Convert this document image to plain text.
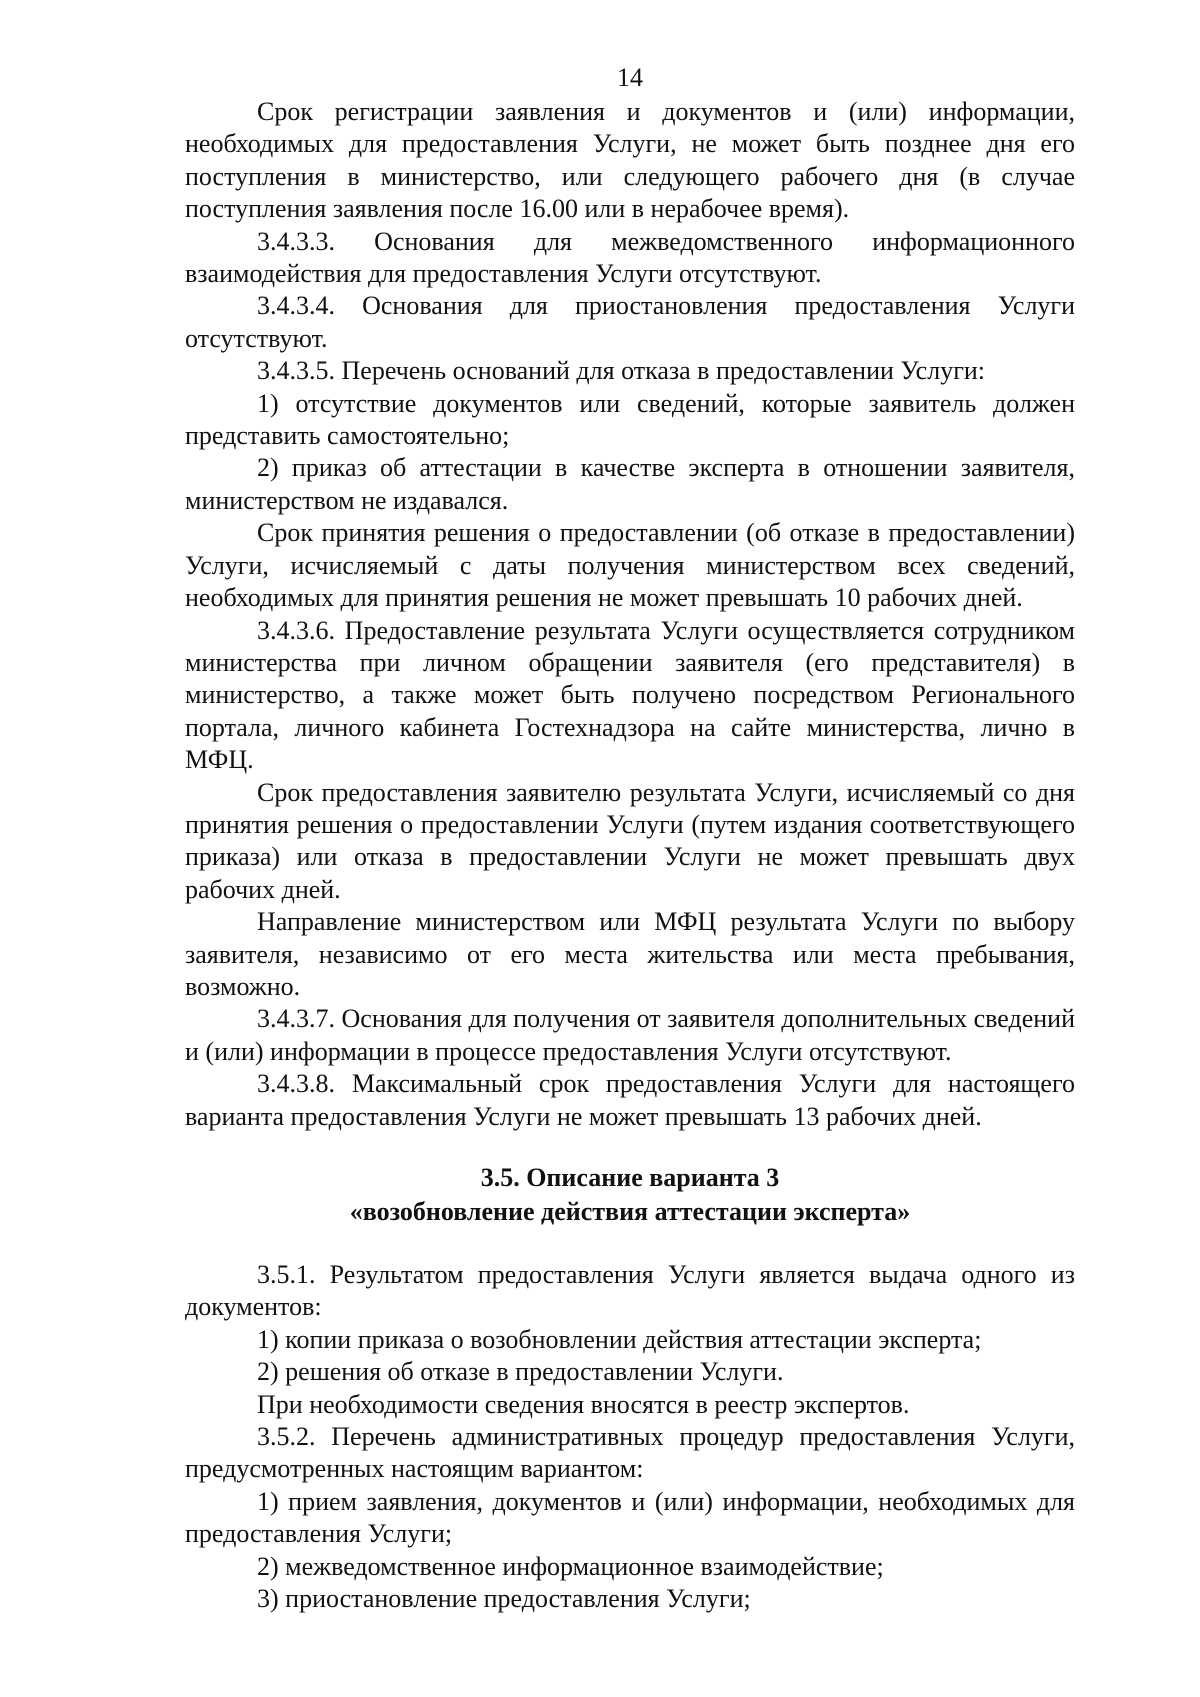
14

Срок регистрации заявления и документов и (или) информации, необходимых для предоставления Услуги, не может быть позднее дня его поступления в министерство, или следующего рабочего дня (в случае поступления заявления после 16.00 или в нерабочее время).

3.4.3.3. Основания для межведомственного информационного взаимодействия для предоставления Услуги отсутствуют.

3.4.3.4. Основания для приостановления предоставления Услуги отсутствуют.

3.4.3.5. Перечень оснований для отказа в предоставлении Услуги:

1) отсутствие документов или сведений, которые заявитель должен представить самостоятельно;

2) приказ об аттестации в качестве эксперта в отношении заявителя, министерством не издавался.

Срок принятия решения о предоставлении (об отказе в предоставлении) Услуги, исчисляемый с даты получения министерством всех сведений, необходимых для принятия решения не может превышать 10 рабочих дней.

3.4.3.6. Предоставление результата Услуги осуществляется сотрудником министерства при личном обращении заявителя (его представителя) в министерство, а также может быть получено посредством Регионального портала, личного кабинета Гостехнадзора на сайте министерства, лично в МФЦ.

Срок предоставления заявителю результата Услуги, исчисляемый со дня принятия решения о предоставлении Услуги (путем издания соответствующего приказа) или отказа в предоставлении Услуги не может превышать двух рабочих дней.

Направление министерством или МФЦ результата Услуги по выбору заявителя, независимо от его места жительства или места пребывания, возможно.

3.4.3.7. Основания для получения от заявителя дополнительных сведений и (или) информации в процессе предоставления Услуги отсутствуют.

3.4.3.8. Максимальный срок предоставления Услуги для настоящего варианта предоставления Услуги не может превышать 13 рабочих дней.

3.5. Описание варианта 3
«возобновление действия аттестации эксперта»

3.5.1. Результатом предоставления Услуги является выдача одного из документов:

1) копии приказа о возобновлении действия аттестации эксперта;

2) решения об отказе в предоставлении Услуги.

При необходимости сведения вносятся в реестр экспертов.

3.5.2. Перечень административных процедур предоставления Услуги, предусмотренных настоящим вариантом:

1) прием заявления, документов и (или) информации, необходимых для предоставления Услуги;

2) межведомственное информационное взаимодействие;

3) приостановление предоставления Услуги;
